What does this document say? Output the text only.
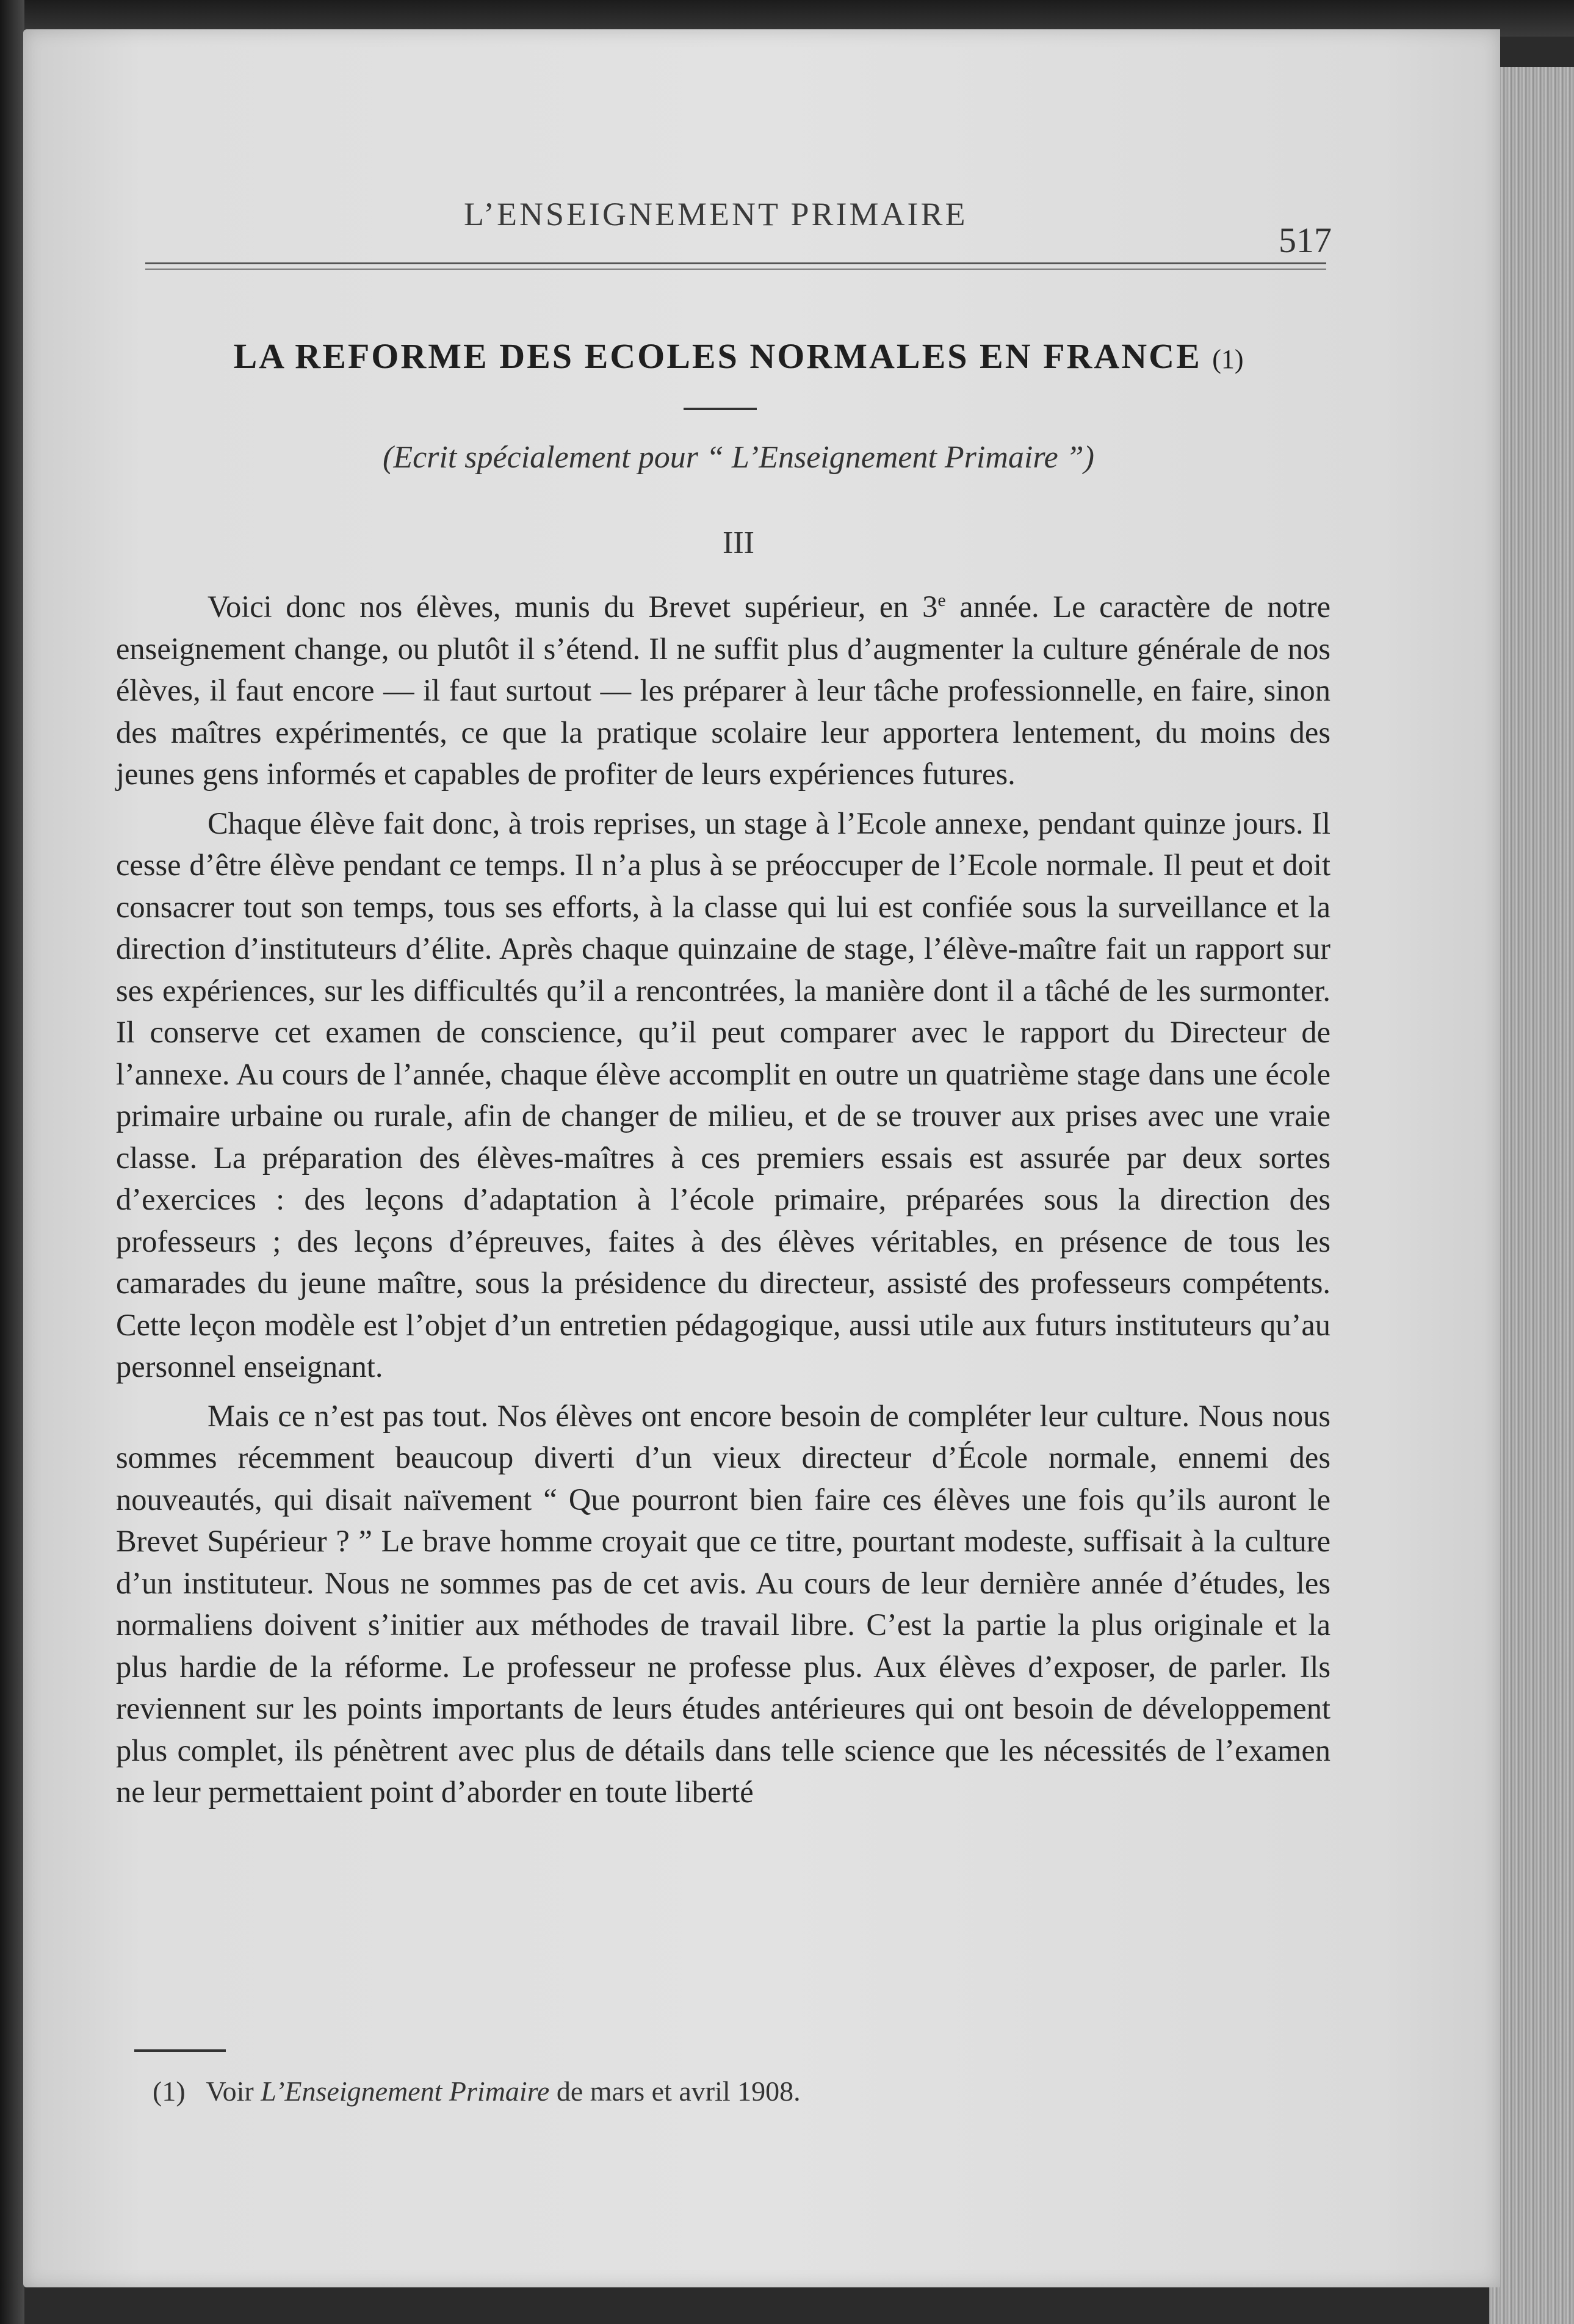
L’ENSEIGNEMENT PRIMAIRE
517
LA REFORME DES ECOLES NORMALES EN FRANCE (1)
(Ecrit spécialement pour “ L’Enseignement Primaire ”)
III

Voici donc nos élèves, munis du Brevet supérieur, en 3e année. Le caractère de notre enseignement change, ou plutôt il s’étend. Il ne suffit plus d’augmenter la culture générale de nos élèves, il faut encore — il faut surtout — les préparer à leur tâche professionnelle, en faire, sinon des maîtres expérimentés, ce que la pratique scolaire leur apportera lentement, du moins des jeunes gens informés et capables de profiter de leurs expériences futures.

Chaque élève fait donc, à trois reprises, un stage à l’Ecole annexe, pendant quinze jours. Il cesse d’être élève pendant ce temps. Il n’a plus à se préoccuper de l’Ecole normale. Il peut et doit consacrer tout son temps, tous ses efforts, à la classe qui lui est confiée sous la surveillance et la direction d’instituteurs d’élite. Après chaque quinzaine de stage, l’élève-maître fait un rapport sur ses expériences, sur les difficultés qu’il a rencontrées, la manière dont il a tâché de les surmonter. Il conserve cet examen de conscience, qu’il peut comparer avec le rapport du Directeur de l’annexe. Au cours de l’année, chaque élève accomplit en outre un quatrième stage dans une école primaire urbaine ou rurale, afin de changer de milieu, et de se trouver aux prises avec une vraie classe. La préparation des élèves-maîtres à ces premiers essais est assurée par deux sortes d’exercices : des leçons d’adaptation à l’école primaire, préparées sous la direction des professeurs ; des leçons d’épreuves, faites à des élèves véritables, en présence de tous les camarades du jeune maître, sous la présidence du directeur, assisté des professeurs compétents. Cette leçon modèle est l’objet d’un entretien pédagogique, aussi utile aux futurs instituteurs qu’au personnel enseignant.

Mais ce n’est pas tout. Nos élèves ont encore besoin de compléter leur culture. Nous nous sommes récemment beaucoup diverti d’un vieux directeur d’École normale, ennemi des nouveautés, qui disait naïvement “ Que pourront bien faire ces élèves une fois qu’ils auront le Brevet Supérieur ? ” Le brave homme croyait que ce titre, pourtant modeste, suffisait à la culture d’un instituteur. Nous ne sommes pas de cet avis. Au cours de leur dernière année d’études, les normaliens doivent s’initier aux méthodes de travail libre. C’est la partie la plus originale et la plus hardie de la réforme. Le professeur ne professe plus. Aux élèves d’exposer, de parler. Ils reviennent sur les points importants de leurs études antérieures qui ont besoin de développement plus complet, ils pénètrent avec plus de détails dans telle science que les nécessités de l’examen ne leur permettaient point d’aborder en toute liberté

(1) Voir L’Enseignement Primaire de mars et avril 1908.
